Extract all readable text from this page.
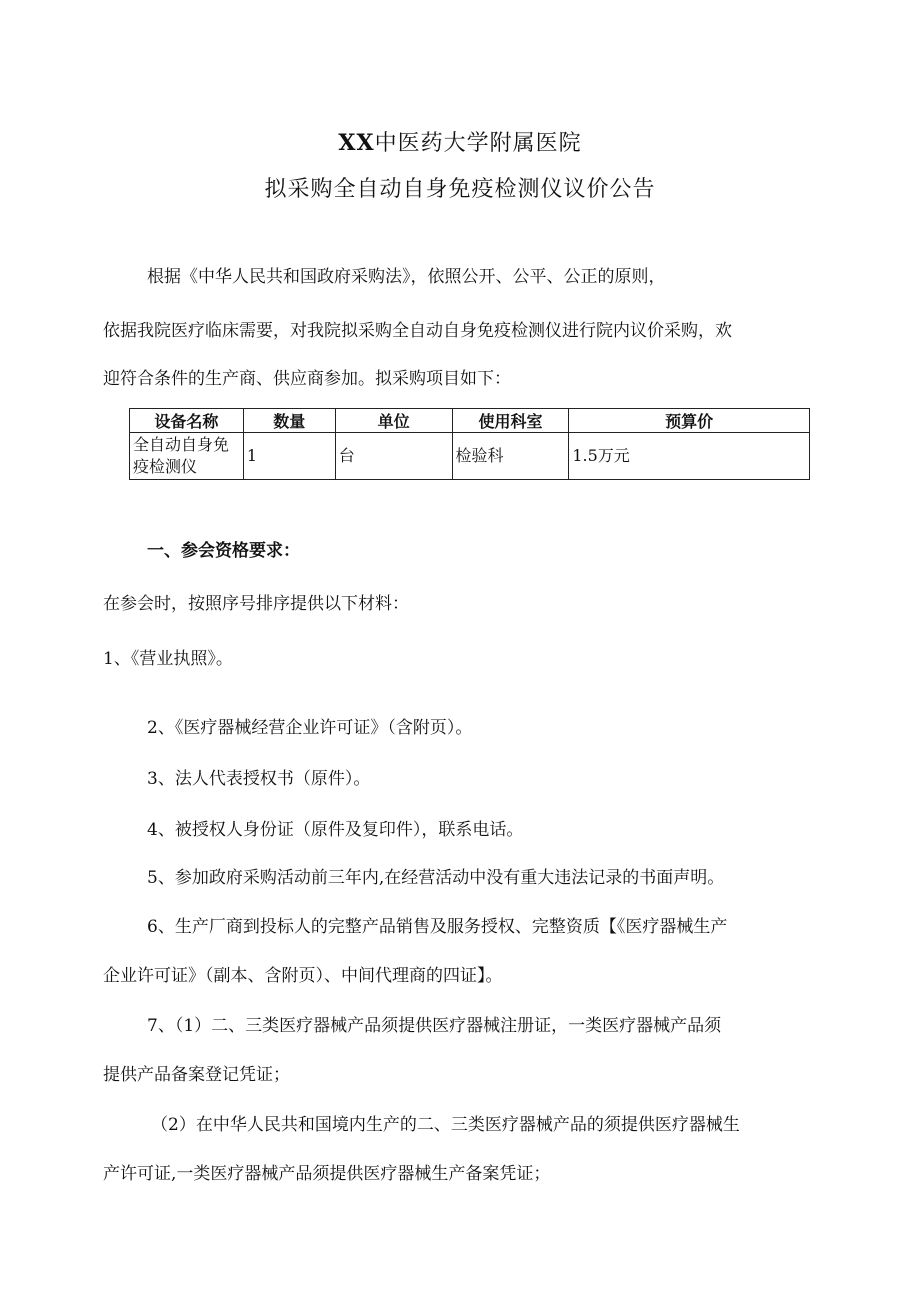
XX中医药大学附属医院
拟采购全自动自身免疫检测仪议价公告
根据《中华人民共和国政府采购法》，依照公开、公平、公正的原则，
依据我院医疗临床需要，对我院拟采购全自动自身免疫检测仪进行院内议价采购，欢
迎符合条件的生产商、供应商参加。拟采购项目如下：
设备名称	数量	单位	使用科室	预算价
全自动自身免疫检测仪	1	台	检验科	1.5万元
一、参会资格要求：
在参会时，按照序号排序提供以下材料：
1、《营业执照》。
2、《医疗器械经营企业许可证》（含附页）。
3、法人代表授权书（原件）。
4、被授权人身份证（原件及复印件），联系电话。
5、参加政府采购活动前三年内,在经营活动中没有重大违法记录的书面声明。
6、生产厂商到投标人的完整产品销售及服务授权、完整资质【《医疗器械生产
企业许可证》（副本、含附页）、中间代理商的四证】。
7、（1）二、三类医疗器械产品须提供医疗器械注册证，一类医疗器械产品须
提供产品备案登记凭证；
（2）在中华人民共和国境内生产的二、三类医疗器械产品的须提供医疗器械生
产许可证,一类医疗器械产品须提供医疗器械生产备案凭证；
